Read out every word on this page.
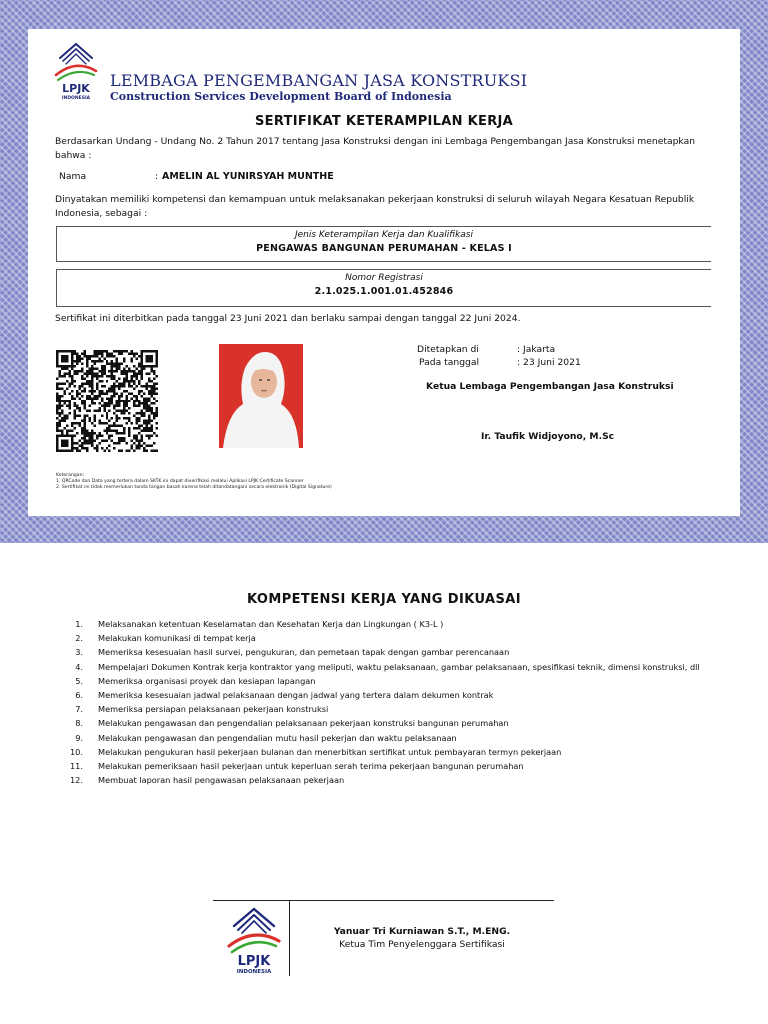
LPJK
INDONESIA
LEMBAGA PENGEMBANGAN JASA KONSTRUKSI
Construction Services Development Board of Indonesia
SERTIFIKAT KETERAMPILAN KERJA
Berdasarkan Undang - Undang No. 2 Tahun 2017 tentang Jasa Konstruksi dengan ini Lembaga Pengembangan Jasa Konstruksi menetapkan bahwa :
Nama	: AMELIN AL YUNIRSYAH MUNTHE
Dinyatakan memiliki kompetensi dan kemampuan untuk melaksanakan pekerjaan konstruksi di seluruh wilayah Negara Kesatuan Republik Indonesia, sebagai :
Jenis Keterampilan Kerja dan Kualifikasi
PENGAWAS BANGUNAN PERUMAHAN - KELAS I
Nomor Registrasi
2.1.025.1.001.01.452846
Sertifikat ini diterbitkan pada tanggal 23 Juni 2021 dan berlaku sampai dengan tanggal 22 Juni 2024.
Ditetapkan di	: Jakarta
Pada tanggal	: 23 Juni 2021
Ketua Lembaga Pengembangan Jasa Konstruksi
Ir. Taufik Widjoyono, M.Sc
Keterangan:
1. QRCode dan Data yang tertera dalam SKTK ini dapat diverifikasi melalui Aplikasi LPJK Certificate Scanner
2. Sertifikat ini tidak memerlukan tanda tangan basah karena telah ditandatangani secara elektronik (Digital Signature)
KOMPETENSI KERJA YANG DIKUASAI
1. Melaksanakan ketentuan Keselamatan dan Kesehatan Kerja dan Lingkungan ( K3-L )
2. Melakukan komunikasi di tempat kerja
3. Memeriksa kesesuaian hasil survei, pengukuran, dan pemetaan tapak dengan gambar perencanaan
4. Mempelajari Dokumen Kontrak kerja kontraktor yang meliputi, waktu pelaksanaan, gambar pelaksanaan, spesifikasi teknik, dimensi konstruksi, dll
5. Memeriksa organisasi proyek dan kesiapan lapangan
6. Memeriksa kesesuaian jadwal pelaksanaan dengan jadwal yang tertera dalam dekumen kontrak
7. Memeriksa persiapan pelaksanaan pekerjaan konstruksi
8. Melakukan pengawasan dan pengendalian pelaksanaan pekerjaan konstruksi bangunan perumahan
9. Melakukan pengawasan dan pengendalian mutu hasil pekerjan dan waktu pelaksanaan
10. Melakukan pengukuran hasil pekerjaan bulanan dan menerbitkan sertifikat untuk pembayaran termyn pekerjaan
11. Melakukan pemeriksaan hasil pekerjaan untuk keperluan serah terima pekerjaan bangunan perumahan
12. Membuat laporan hasil pengawasan pelaksanaan pekerjaan
LPJK
INDONESIA
Yanuar Tri Kurniawan S.T., M.ENG.
Ketua Tim Penyelenggara Sertifikasi
